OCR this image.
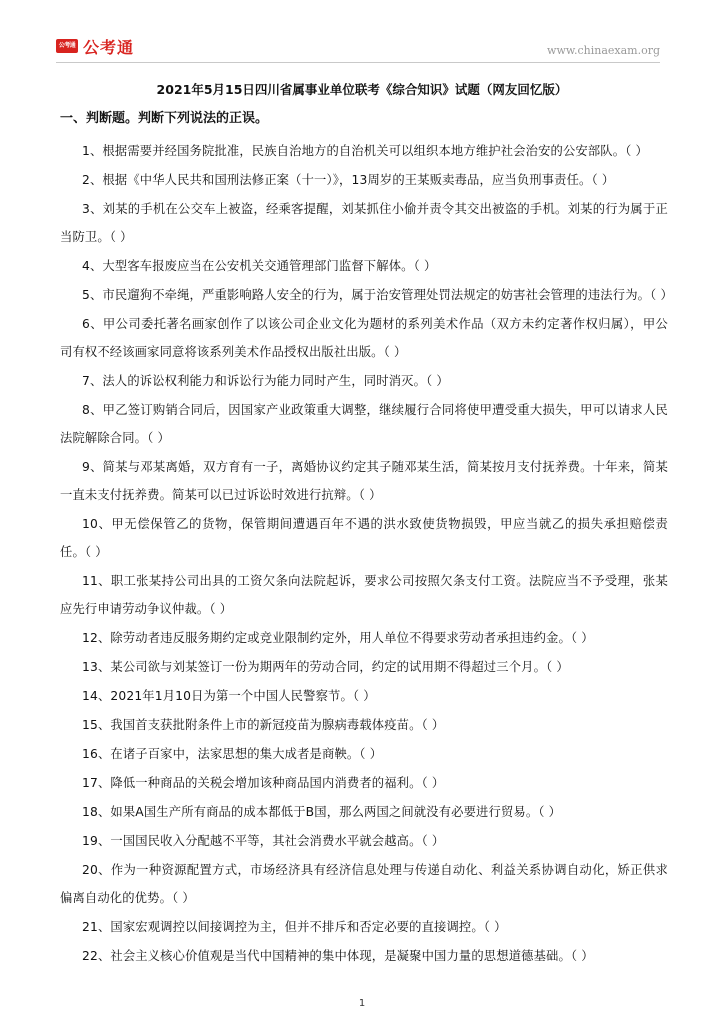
公考通 公考通	www.chinaexam.org
2021年5月15日四川省属事业单位联考《综合知识》试题（网友回忆版）
一、判断题。判断下列说法的正误。

1、根据需要并经国务院批准，民族自治地方的自治机关可以组织本地方维护社会治安的公安部队。（ ）

2、根据《中华人民共和国刑法修正案（十一）》，13周岁的王某贩卖毒品，应当负刑事责任。（ ）

3、刘某的手机在公交车上被盗，经乘客提醒，刘某抓住小偷并责令其交出被盗的手机。刘某的行为属于正当防卫。（ ）

4、大型客车报废应当在公安机关交通管理部门监督下解体。（ ）

5、市民遛狗不牵绳，严重影响路人安全的行为，属于治安管理处罚法规定的妨害社会管理的违法行为。（ ）

6、甲公司委托著名画家创作了以该公司企业文化为题材的系列美术作品（双方未约定著作权归属），甲公司有权不经该画家同意将该系列美术作品授权出版社出版。（ ）

7、法人的诉讼权利能力和诉讼行为能力同时产生，同时消灭。（ ）

8、甲乙签订购销合同后，因国家产业政策重大调整，继续履行合同将使甲遭受重大损失，甲可以请求人民法院解除合同。（ ）

9、简某与邓某离婚，双方育有一子，离婚协议约定其子随邓某生活，简某按月支付抚养费。十年来，简某一直未支付抚养费。简某可以已过诉讼时效进行抗辩。（ ）

10、甲无偿保管乙的货物，保管期间遭遇百年不遇的洪水致使货物损毁，甲应当就乙的损失承担赔偿责任。（ ）

11、职工张某持公司出具的工资欠条向法院起诉，要求公司按照欠条支付工资。法院应当不予受理，张某应先行申请劳动争议仲裁。（ ）

12、除劳动者违反服务期约定或竞业限制约定外，用人单位不得要求劳动者承担违约金。（ ）

13、某公司欲与刘某签订一份为期两年的劳动合同，约定的试用期不得超过三个月。（ ）

14、2021年1月10日为第一个中国人民警察节。（ ）

15、我国首支获批附条件上市的新冠疫苗为腺病毒载体疫苗。（ ）

16、在诸子百家中，法家思想的集大成者是商鞅。（ ）

17、降低一种商品的关税会增加该种商品国内消费者的福利。（ ）

18、如果A国生产所有商品的成本都低于B国，那么两国之间就没有必要进行贸易。（ ）

19、一国国民收入分配越不平等，其社会消费水平就会越高。（ ）

20、作为一种资源配置方式，市场经济具有经济信息处理与传递自动化、利益关系协调自动化，矫正供求偏离自动化的优势。（ ）

21、国家宏观调控以间接调控为主，但并不排斥和否定必要的直接调控。（ ）

22、社会主义核心价值观是当代中国精神的集中体现，是凝聚中国力量的思想道德基础。（ ）

1
